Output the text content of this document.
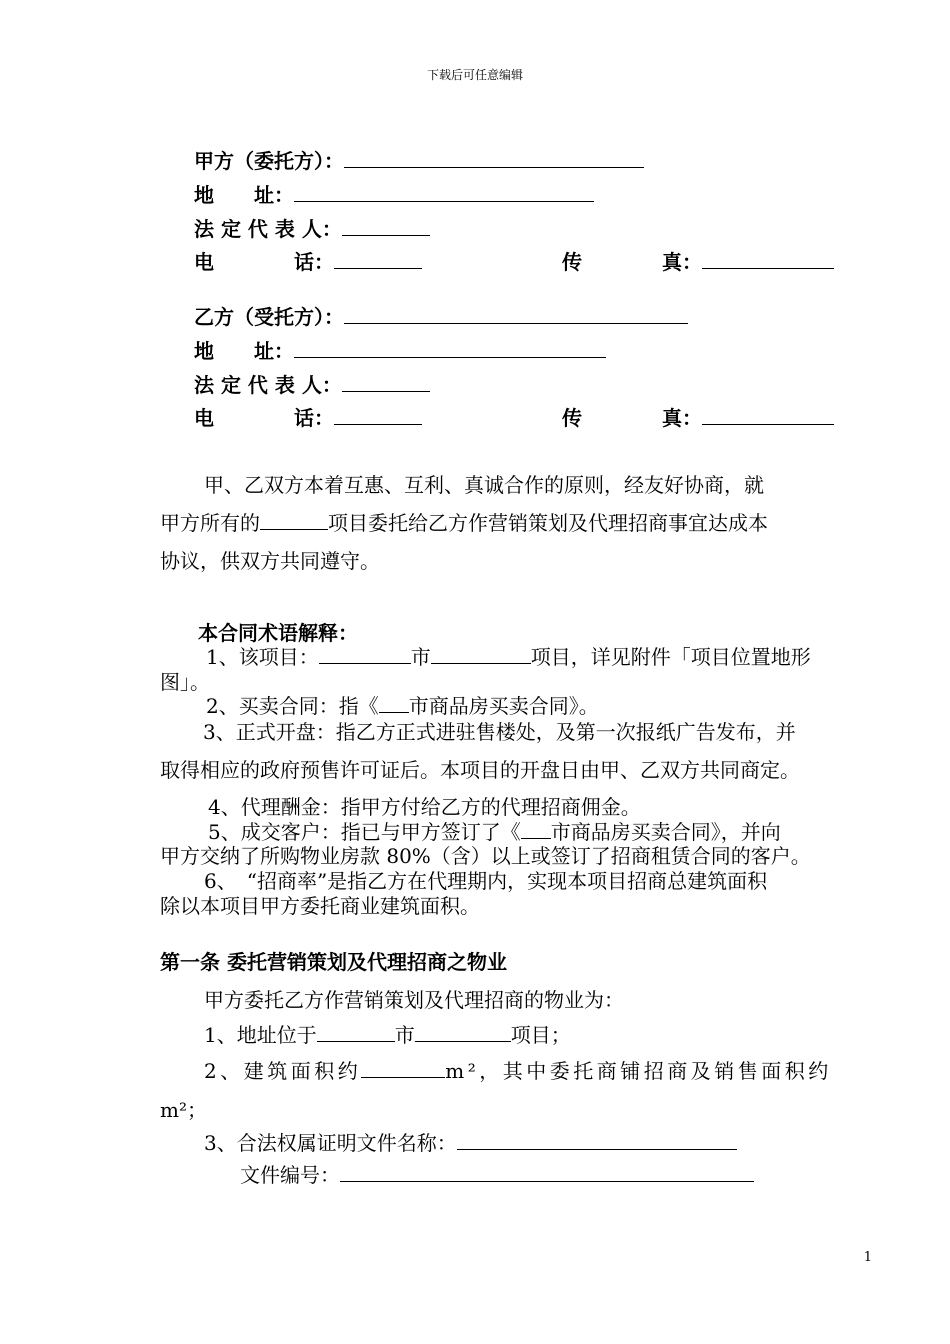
下载后可任意编辑
甲方（委托方）：
地　　址：
法 定 代 表 人：
电　　　　话：	传　　　　真：
乙方（受托方）：
地　　址：
法 定 代 表 人：
电　　　　话：	传　　　　真：
甲、乙双方本着互惠、互利、真诚合作的原则，经友好协商，就
甲方所有的	项目委托给乙方作营销策划及代理招商事宜达成本
协议，供双方共同遵守。
本合同术语解释：
1、该项目：	市	项目，详见附件「项目位置地形
图」。
2、买卖合同：指《 市商品房买卖合同》。
3、正式开盘：指乙方正式进驻售楼处，及第一次报纸广告发布，并
取得相应的政府预售许可证后。本项目的开盘日由甲、乙双方共同商定。
4、代理酬金：指甲方付给乙方的代理招商佣金。
5、成交客户：指已与甲方签订了《 市商品房买卖合同》，并向
甲方交纳了所购物业房款 80%（含）以上或签订了招商租赁合同的客户。
6、　“招商率”是指乙方在代理期内，实现本项目招商总建筑面积
除以本项目甲方委托商业建筑面积。
第一条 委托营销策划及代理招商之物业
甲方委托乙方作营销策划及代理招商的物业为：
1、地址位于	市	项目；
2、建筑面积约	m²，其中委托商铺招商及销售面积约
m²；
3、合法权属证明文件名称：
文件编号：
1
